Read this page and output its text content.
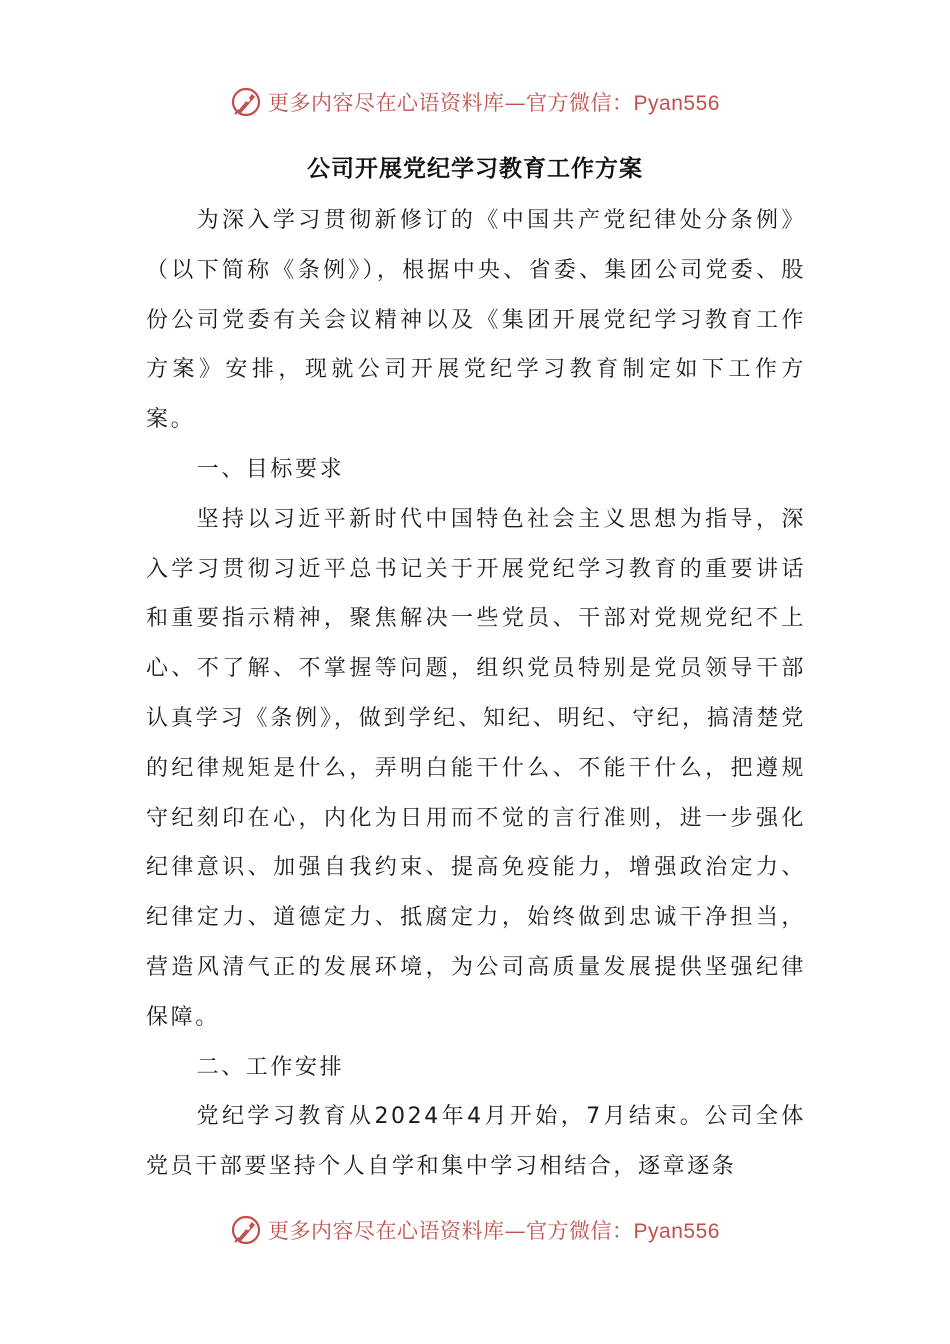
更多内容尽在心语资料库—官方微信：Pyan556
公司开展党纪学习教育工作方案

为深入学习贯彻新修订的《中国共产党纪律处分条例》（以下简称《条例》），根据中央、省委、集团公司党委、股份公司党委有关会议精神以及《集团开展党纪学习教育工作方案》安排，现就公司开展党纪学习教育制定如下工作方案。

一、目标要求

坚持以习近平新时代中国特色社会主义思想为指导，深入学习贯彻习近平总书记关于开展党纪学习教育的重要讲话和重要指示精神，聚焦解决一些党员、干部对党规党纪不上心、不了解、不掌握等问题，组织党员特别是党员领导干部认真学习《条例》，做到学纪、知纪、明纪、守纪，搞清楚党的纪律规矩是什么，弄明白能干什么、不能干什么，把遵规守纪刻印在心，内化为日用而不觉的言行准则，进一步强化纪律意识、加强自我约束、提高免疫能力，增强政治定力、纪律定力、道德定力、抵腐定力，始终做到忠诚干净担当，营造风清气正的发展环境，为公司高质量发展提供坚强纪律保障。

二、工作安排

党纪学习教育从2024年4月开始，7月结束。公司全体党员干部要坚持个人自学和集中学习相结合，逐章逐条

更多内容尽在心语资料库—官方微信：Pyan556
